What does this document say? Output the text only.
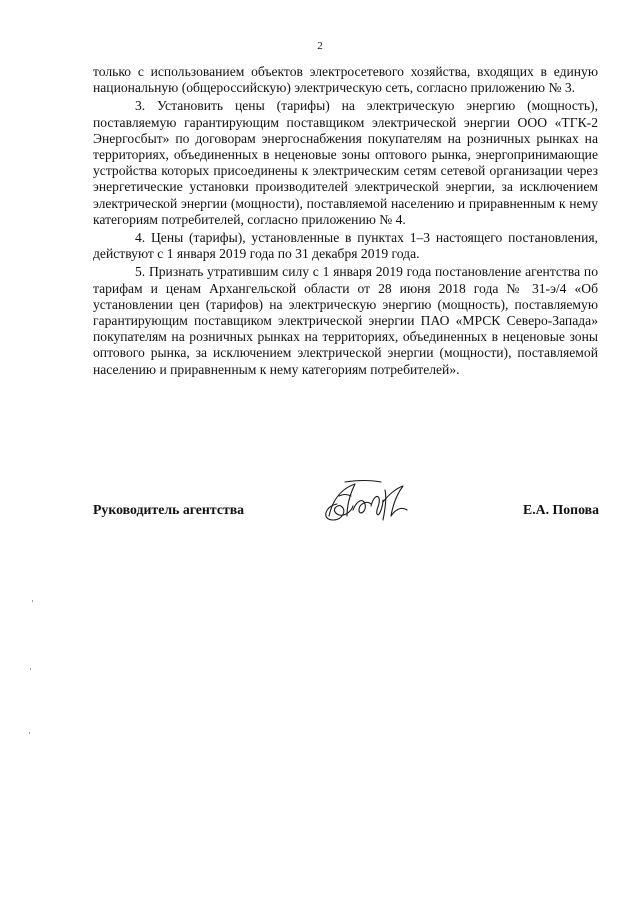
2

только с использованием объектов электросетевого хозяйства, входящих в единую национальную (общероссийскую) электрическую сеть, согласно приложению № 3.

3. Установить цены (тарифы) на электрическую энергию (мощность), поставляемую гарантирующим поставщиком электрической энергии ООО «ТГК-2 Энергосбыт» по договорам энергоснабжения покупателям на розничных рынках на территориях, объединенных в неценовые зоны оптового рынка, энергопринимающие устройства которых присоединены к электрическим сетям сетевой организации через энергетические установки производителей электрической энергии, за исключением электрической энергии (мощности), поставляемой населению и приравненным к нему категориям потребителей, согласно приложению № 4.

4. Цены (тарифы), установленные в пунктах 1–3 настоящего постановления, действуют с 1 января 2019 года по 31 декабря 2019 года.

5. Признать утратившим силу с 1 января 2019 года постановление агентства по тарифам и ценам Архангельской области от 28 июня 2018 года № 31-э/4 «Об установлении цен (тарифов) на электрическую энергию (мощность), поставляемую гарантирующим поставщиком электрической энергии ПАО «МРСК Северо-Запада» покупателям на розничных рынках на территориях, объединенных в неценовые зоны оптового рынка, за исключением электрической энергии (мощности), поставляемой населению и приравненным к нему категориям потребителей».

Руководитель агентства	Е.А. Попова
